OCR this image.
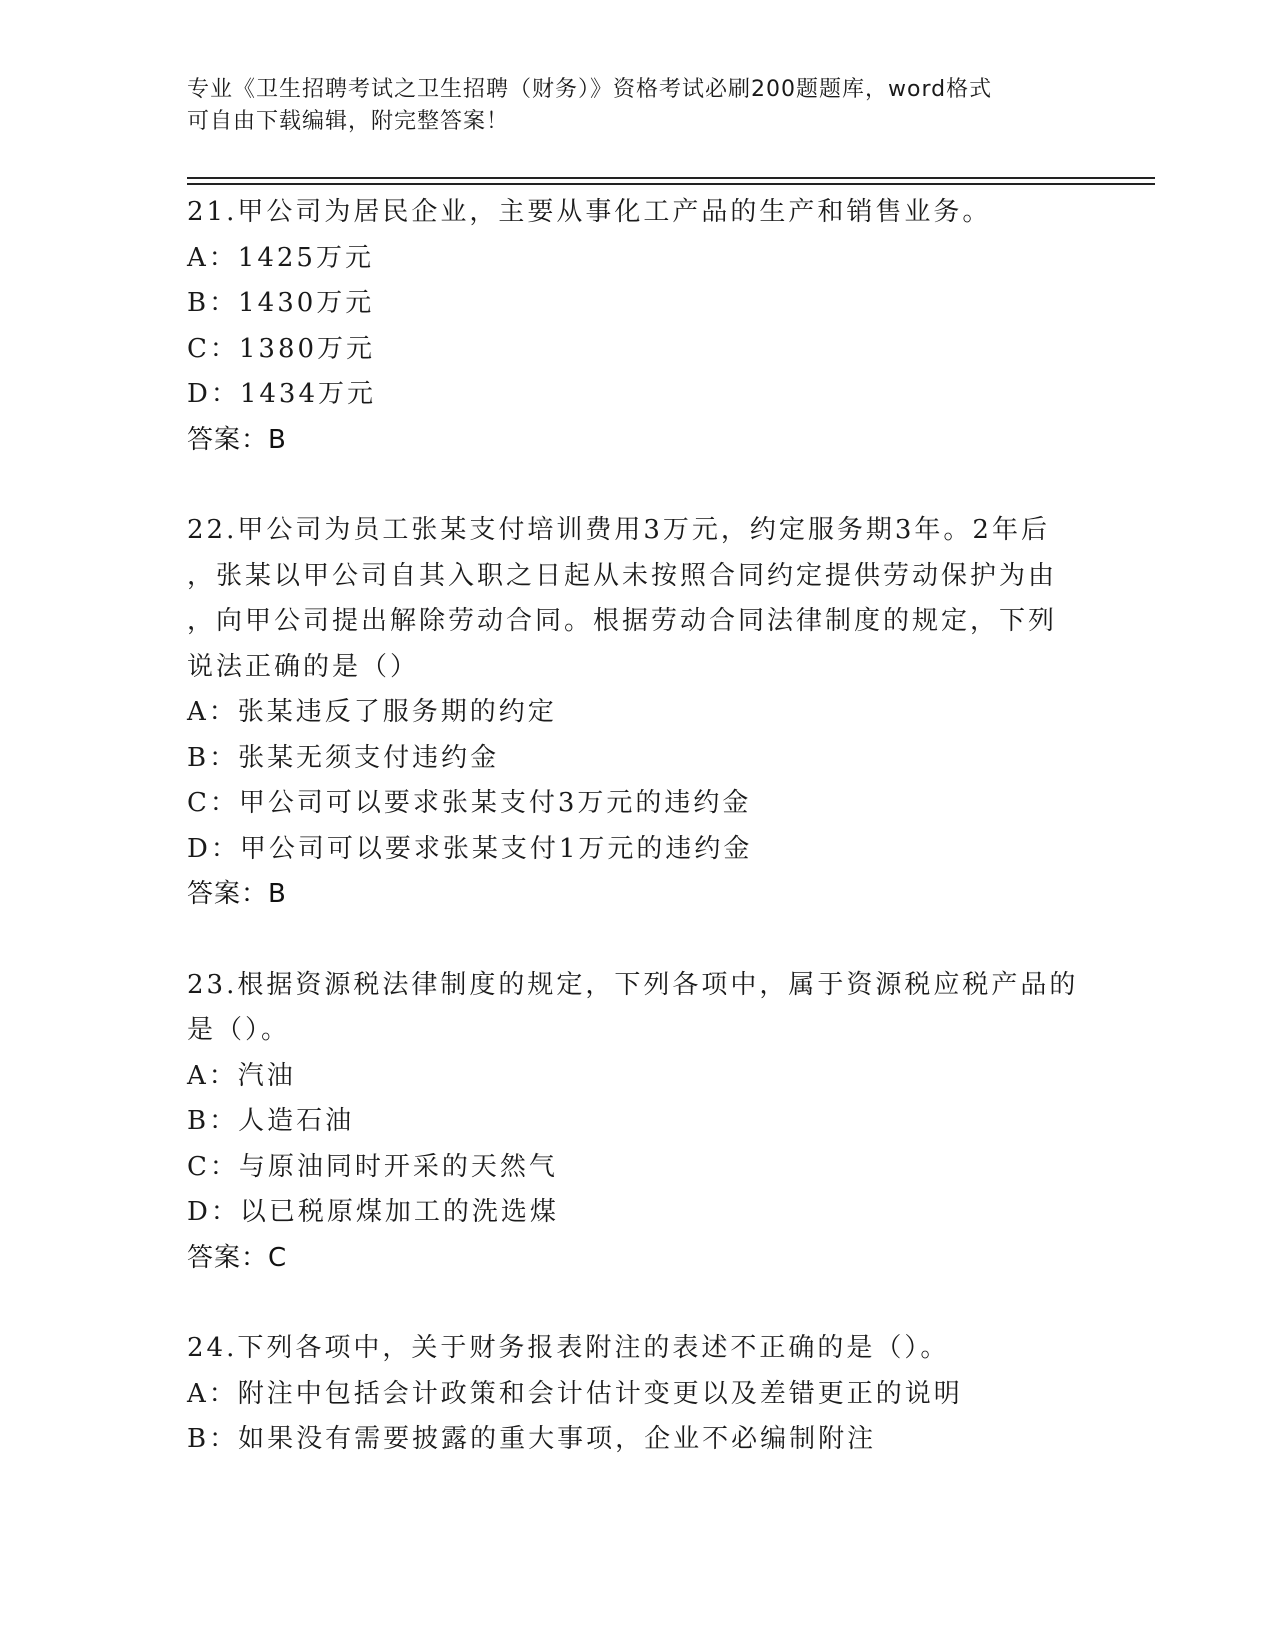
专业《卫生招聘考试之卫生招聘（财务）》资格考试必刷200题题库，word格式
可自由下载编辑，附完整答案！
21.甲公司为居民企业，主要从事化工产品的生产和销售业务。
A：1425万元
B：1430万元
C：1380万元
D：1434万元
答案：B
22.甲公司为员工张某支付培训费用3万元，约定服务期3年。2年后
，张某以甲公司自其入职之日起从未按照合同约定提供劳动保护为由
，向甲公司提出解除劳动合同。根据劳动合同法律制度的规定，下列
说法正确的是（）
A：张某违反了服务期的约定
B：张某无须支付违约金
C：甲公司可以要求张某支付3万元的违约金
D：甲公司可以要求张某支付1万元的违约金
答案：B
23.根据资源税法律制度的规定，下列各项中，属于资源税应税产品的
是（）。
A：汽油
B：人造石油
C：与原油同时开采的天然气
D：以已税原煤加工的洗选煤
答案：C
24.下列各项中，关于财务报表附注的表述不正确的是（）。
A：附注中包括会计政策和会计估计变更以及差错更正的说明
B：如果没有需要披露的重大事项，企业不必编制附注
